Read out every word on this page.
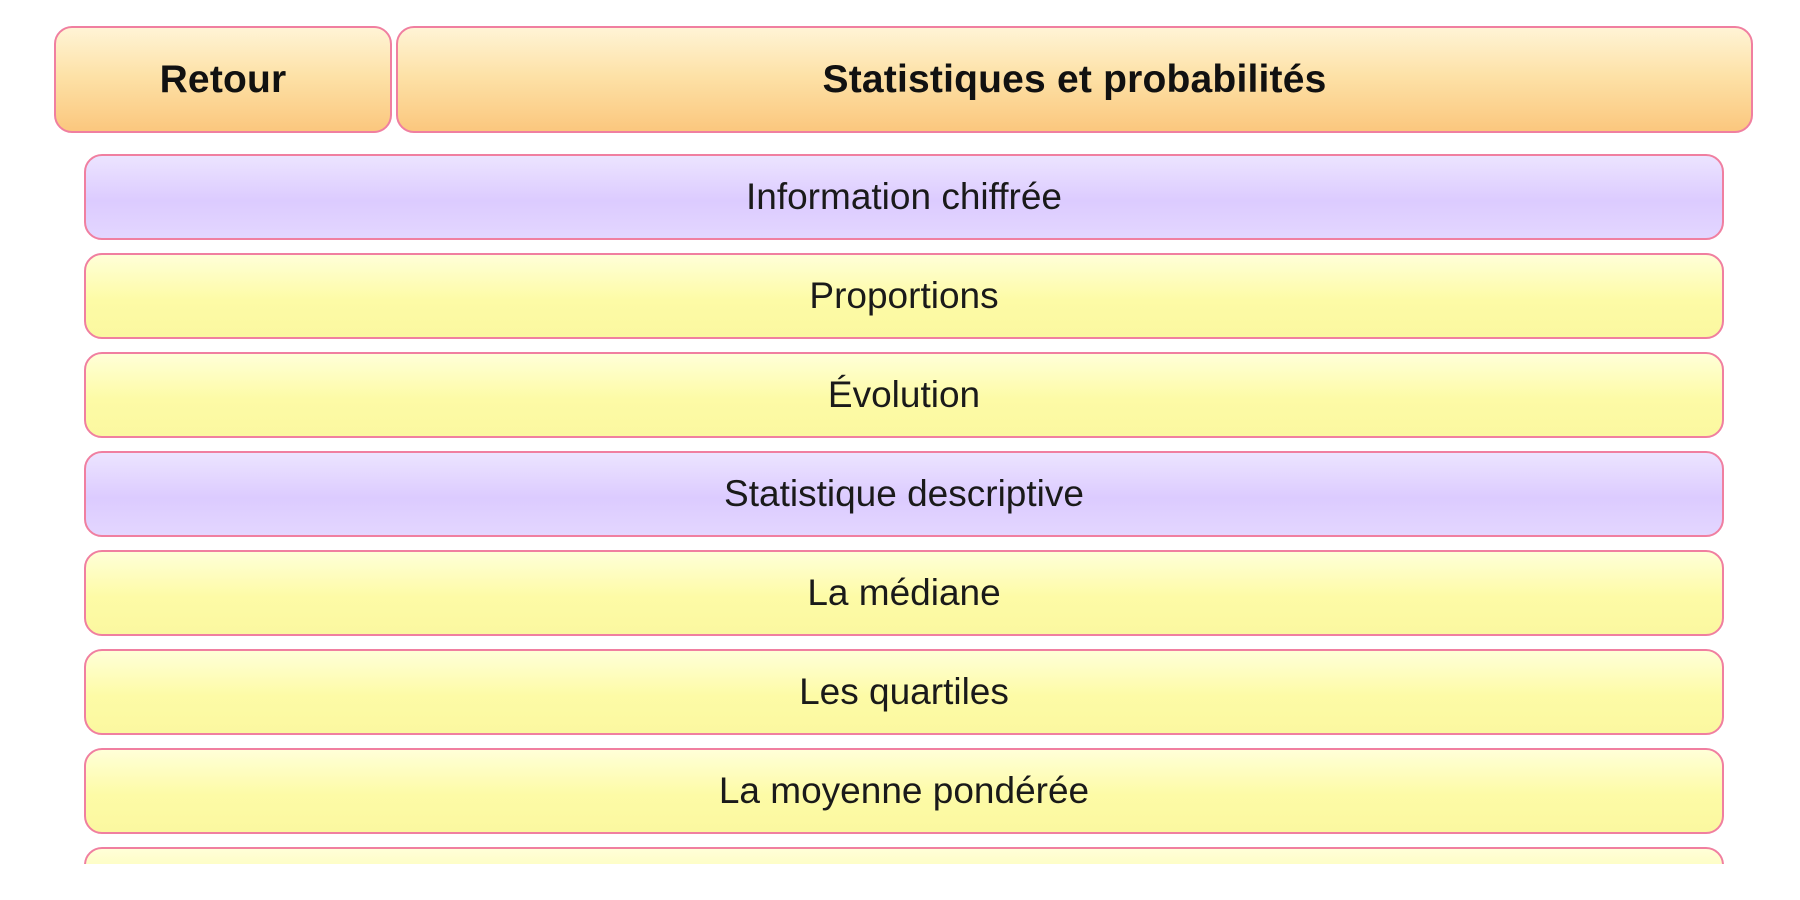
Retour	Statistiques et probabilités
Information chiffrée
Proportions
Évolution
Statistique descriptive
La médiane
Les quartiles
La moyenne pondérée
